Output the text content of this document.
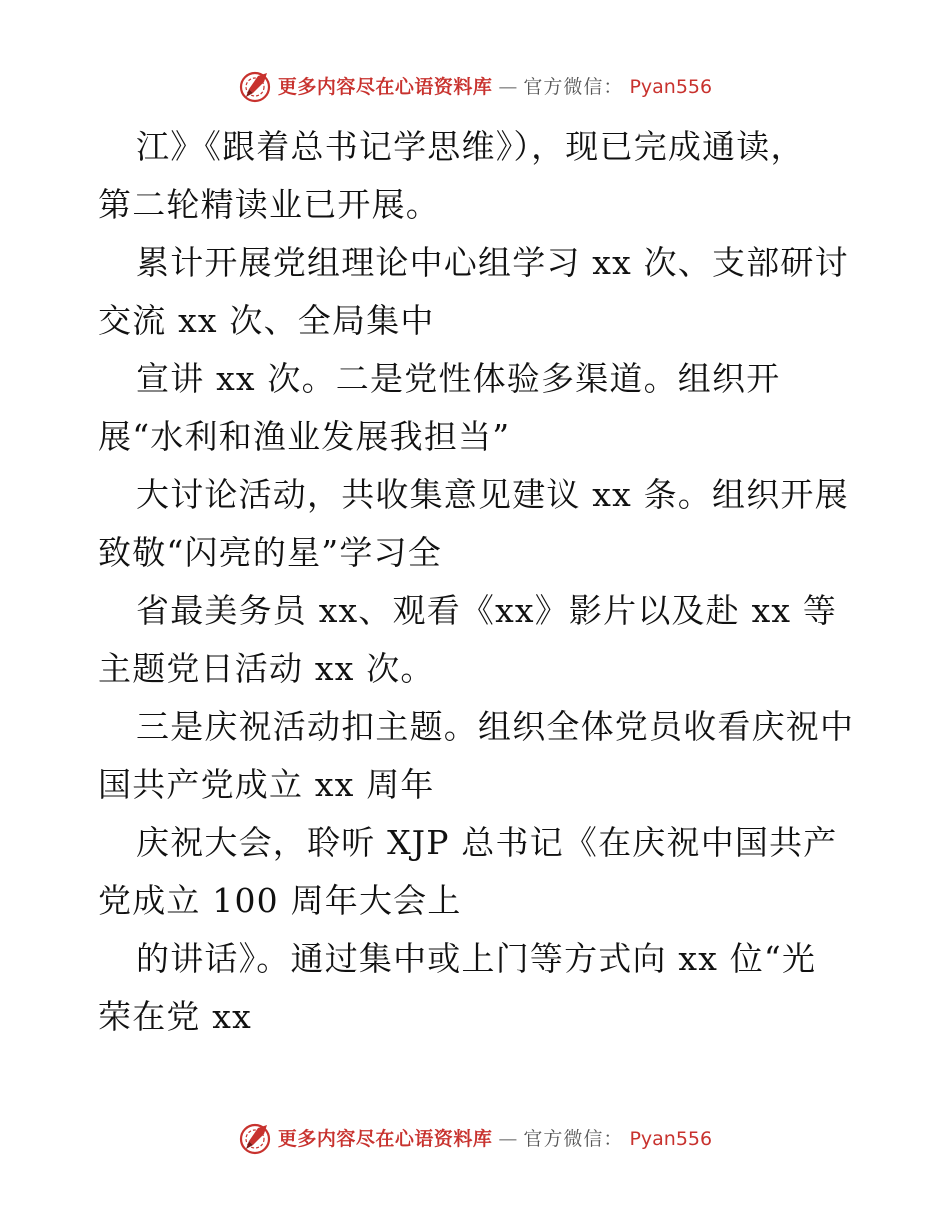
更多内容尽在心语资料库 — 官方微信： Pyan556
江》《跟着总书记学思维》），现已完成通读，
第二轮精读业已开展。
累计开展党组理论中心组学习 xx 次、支部研讨
交流 xx 次、全局集中
宣讲 xx 次。二是党性体验多渠道。组织开
展“水利和渔业发展我担当”
大讨论活动，共收集意见建议 xx 条。组织开展
致敬“闪亮的星”学习全
省最美务员 xx、观看《xx》影片以及赴 xx 等
主题党日活动 xx 次。
三是庆祝活动扣主题。组织全体党员收看庆祝中
国共产党成立 xx 周年
庆祝大会，聆听 XJP 总书记《在庆祝中国共产
党成立 100 周年大会上
的讲话》。通过集中或上门等方式向 xx 位“光
荣在党 xx
更多内容尽在心语资料库 — 官方微信： Pyan556
